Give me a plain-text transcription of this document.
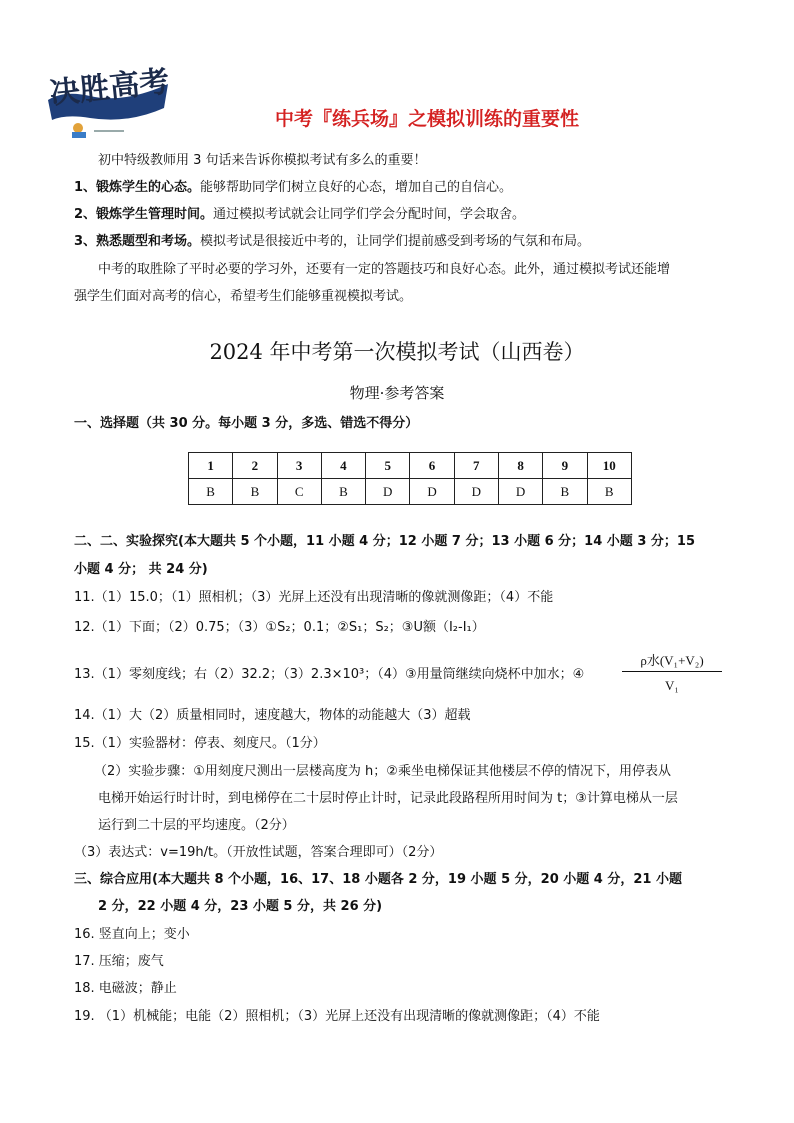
决胜高考
中考『练兵场』之模拟训练的重要性
初中特级教师用 3 句话来告诉你模拟考试有多么的重要！
1、锻炼学生的心态。能够帮助同学们树立良好的心态，增加自己的自信心。
2、锻炼学生管理时间。通过模拟考试就会让同学们学会分配时间，学会取舍。
3、熟悉题型和考场。模拟考试是很接近中考的，让同学们提前感受到考场的气氛和布局。
中考的取胜除了平时必要的学习外，还要有一定的答题技巧和良好心态。此外，通过模拟考试还能增
强学生们面对高考的信心，希望考生们能够重视模拟考试。
2024 年中考第一次模拟考试（山西卷）
物理·参考答案
一、选择题（共 30 分。每小题 3 分，多选、错选不得分）
1	2	3	4	5	6	7	8	9	10
B	B	C	B	D	D	D	D	B	B
二、二、实验探究(本大题共 5 个小题，11 小题 4 分；12 小题 7 分；13 小题 6 分；14 小题 3 分；15
小题 4 分； 共 24 分)
11.（1）15.0；（1）照相机；（3）光屏上还没有出现清晰的像就测像距；（4）不能
12.（1）下面；（2）0.75；（3）①S₂；0.1；②S₁；S₂；③U额（I₂-I₁）
13.（1）零刻度线；右（2）32.2；（3）2.3×10³；（4）③用量筒继续向烧杯中加水；④
ρ水(V₁+V₂)
V₁
14.（1）大（2）质量相同时，速度越大，物体的动能越大（3）超载
15.（1）实验器材：停表、刻度尺。（1分）
（2）实验步骤：①用刻度尺测出一层楼高度为 h；②乘坐电梯保证其他楼层不停的情况下，用停表从
电梯开始运行时计时，到电梯停在二十层时停止计时，记录此段路程所用时间为 t；③计算电梯从一层
运行到二十层的平均速度。（2分）
（3）表达式：v=19h/t。（开放性试题，答案合理即可）（2分）
三、综合应用(本大题共 8 个小题，16、17、18 小题各 2 分，19 小题 5 分，20 小题 4 分，21 小题
2 分，22 小题 4 分，23 小题 5 分，共 26 分)
16. 竖直向上；变小
17. 压缩；废气
18. 电磁波；静止
19. （1）机械能；电能（2）照相机；（3）光屏上还没有出现清晰的像就测像距；（4）不能
